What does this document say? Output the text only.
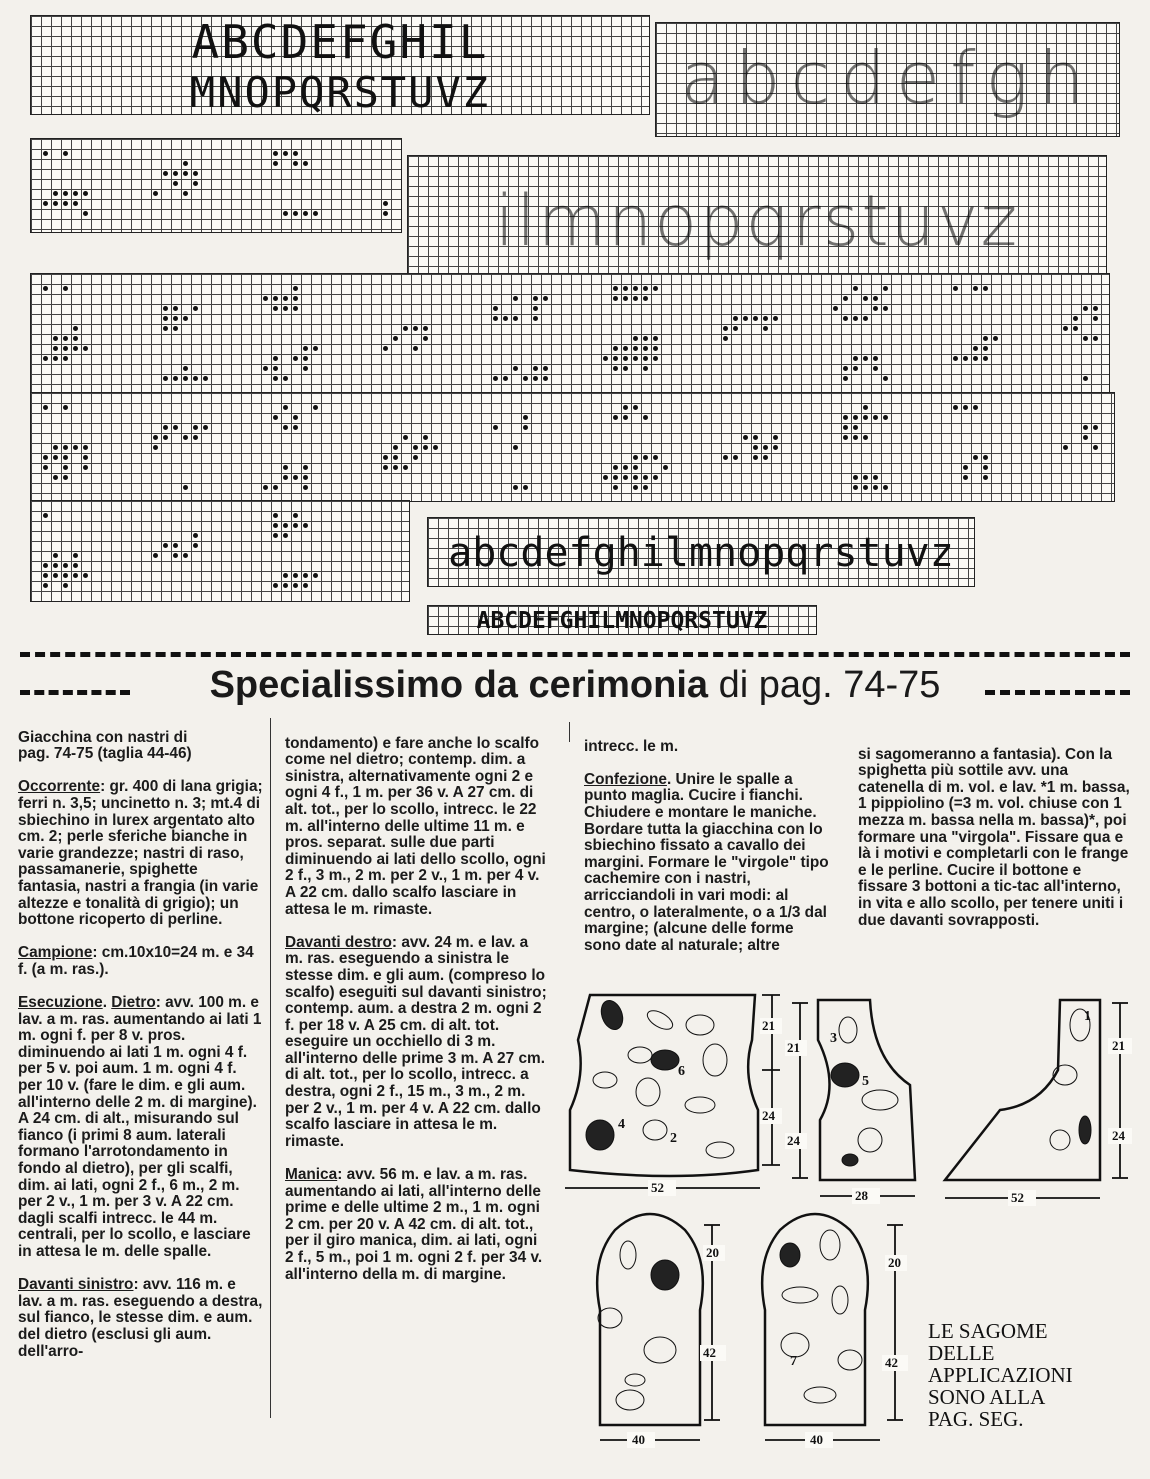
ABCDEFGHIL
MNOPQRSTUVZ	abcdefgh
ilmnopqrstuvz
abcdefghilmnopqrstuvz
ABCDEFGHILMNOPQRSTUVZ
Specialissimo da cerimonia di pag. 74-75

Giacchina con nastri di
pag. 74-75 (taglia 44-46)

Occorrente: gr. 400 di lana grigia; ferri n. 3,5; uncinetto n. 3; mt.4 di sbiechino in lurex argentato alto cm. 2; perle sferiche bianche in varie grandezze; nastri di raso, passamanerie, spighette fantasia, nastri a frangia (in varie altezze e tonalità di grigio); un bottone ricoperto di perline.

Campione: cm.10x10=24 m. e 34 f. (a m. ras.).

Esecuzione. Dietro: avv. 100 m. e lav. a m. ras. aumentando ai lati 1 m. ogni f. per 8 v. pros. diminuendo ai lati 1 m. ogni 4 f. per 5 v. poi aum. 1 m. ogni 4 f. per 10 v. (fare le dim. e gli aum. all'interno delle 2 m. di margine). A 24 cm. di alt., misurando sul fianco (i primi 8 aum. laterali formano l'arrotondamento in fondo al dietro), per gli scalfi, dim. ai lati, ogni 2 f., 6 m., 2 m. per 2 v., 1 m. per 3 v. A 22 cm. dagli scalfi intrecc. le 44 m. centrali, per lo scollo, e lasciare in attesa le m. delle spalle.

Davanti sinistro: avv. 116 m. e lav. a m. ras. eseguendo a destra, sul fianco, le stesse dim. e aum. del dietro (esclusi gli aum. dell'arro-

tondamento) e fare anche lo scalfo come nel dietro; contemp. dim. a sinistra, alternativamente ogni 2 e ogni 4 f., 1 m. per 36 v. A 27 cm. di alt. tot., per lo scollo, intrecc. le 22 m. all'interno delle ultime 11 m. e pros. separat. sulle due parti diminuendo ai lati dello scollo, ogni 2 f., 3 m., 2 m. per 2 v., 1 m. per 4 v. A 22 cm. dallo scalfo lasciare in attesa le m. rimaste.

Davanti destro: avv. 24 m. e lav. a m. ras. eseguendo a sinistra le stesse dim. e gli aum. (compreso lo scalfo) eseguiti sul davanti sinistro; contemp. aum. a destra 2 m. ogni 2 f. per 18 v. A 25 cm. di alt. tot. eseguire un occhiello di 3 m. all'interno delle prime 3 m. A 27 cm. di alt. tot., per lo scollo, intrecc. a destra, ogni 2 f., 15 m., 3 m., 2 m. per 2 v., 1 m. per 4 v. A 22 cm. dallo scalfo lasciare in attesa le m. rimaste.

Manica: avv. 56 m. e lav. a m. ras. aumentando ai lati, all'interno delle prime e delle ultime 2 m., 1 m. ogni 2 cm. per 20 v. A 42 cm. di alt. tot., per il giro manica, dim. ai lati, ogni 2 f., 5 m., poi 1 m. ogni 2 f. per 34 v. all'interno della m. di margine.

intrecc. le m.

Confezione. Unire le spalle a punto maglia. Cucire i fianchi. Chiudere e montare le maniche. Bordare tutta la giacchina con lo sbiechino fissato a cavallo dei margini. Formare le "virgole" tipo cachemire con i nastri, arricciandoli in vari modi: al centro, o lateralmente, o a 1/3 dal margine; (alcune delle forme sono date al naturale; altre

si sagomeranno a fantasia). Con la spighetta più sottile avv. una catenella di m. vol. e lav. *1 m. bassa, 1 pippiolino (=3 m. vol. chiuse con 1 mezza m. bassa nella m. bassa)*, poi formare una "virgola". Fissare qua e là i motivi e completarli con le frange e le perline. Cucire il bottone e fissare 3 bottoni a tic-tac all'interno, in vita e allo scollo, per tenere uniti i due davanti sovrapposti.

21
24
52
21
24
28
21
24
52
20
42
40
20
42
40
1
2
3
4
5
6
7
LE SAGOME
DELLE
APPLICAZIONI
SONO ALLA
PAG. SEG.
